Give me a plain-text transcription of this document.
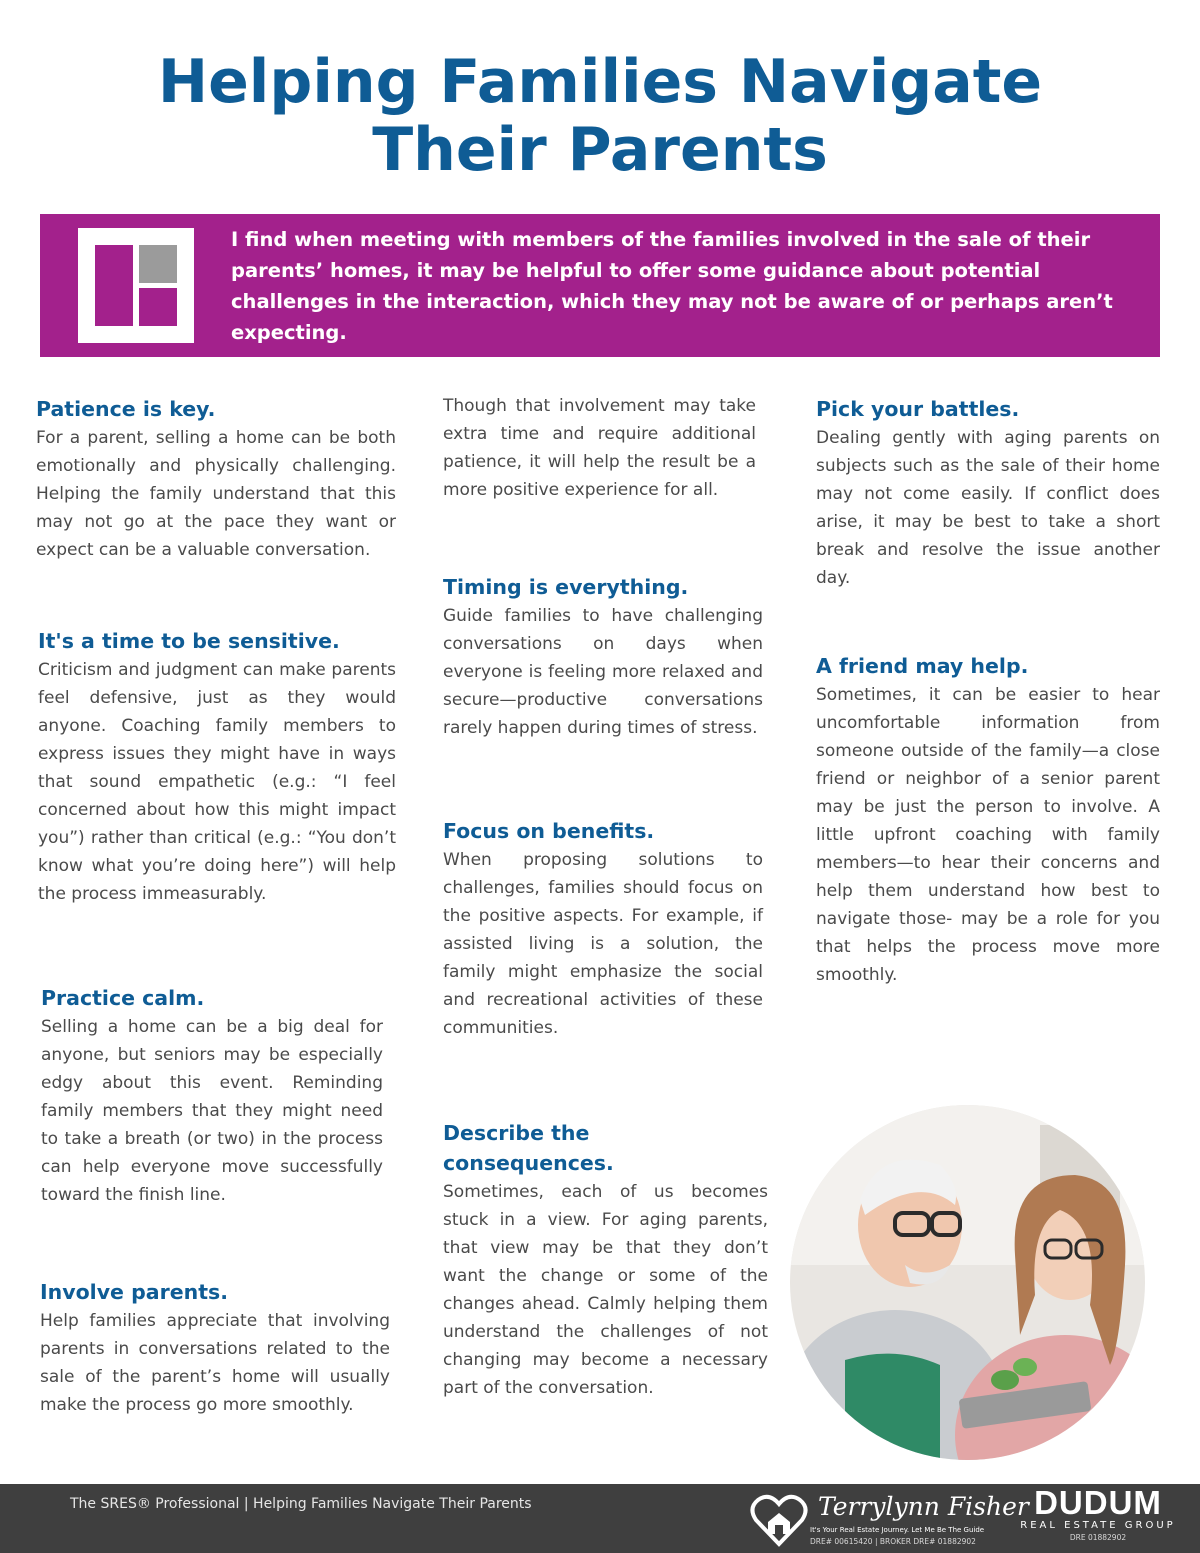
Helping Families Navigate
Their Parents
I find when meeting with members of the families involved in the sale of their parents’ homes, it may be helpful to offer some guidance about potential challenges in the interaction, which they may not be aware of or perhaps aren’t expecting.
Patience is key.

For a parent, selling a home can be both emotionally and physically challenging. Helping the family understand that this may not go at the pace they want or expect can be a valuable conversation.

It's a time to be sensitive.

Criticism and judgment can make parents feel defensive, just as they would anyone. Coaching family members to express issues they might have in ways that sound empathetic (e.g.: “I feel concerned about how this might impact you”) rather than critical (e.g.: “You don’t know what you’re doing here”) will help the process immeasurably.

Practice calm.

Selling a home can be a big deal for anyone, but seniors may be especially edgy about this event. Reminding family members that they might need to take a breath (or two) in the process can help everyone move successfully toward the finish line.

Involve parents.

Help families appreciate that involving parents in conversations related to the sale of the parent’s home will usually make the process go more smoothly.

Though that involvement may take extra time and require additional patience, it will help the result be a more positive experience for all.

Timing is everything.

Guide families to have challenging conversations on days when everyone is feeling more relaxed and secure—productive conversations rarely happen during times of stress.

Focus on benefits.

When proposing solutions to challenges, families should focus on the positive aspects. For example, if assisted living is a solution, the family might emphasize the social and recreational activities of these communities.

Describe the
consequences.

Sometimes, each of us becomes stuck in a view. For aging parents, that view may be that they don’t want the change or some of the changes ahead. Calmly helping them understand the challenges of not changing may become a necessary part of the conversation.

Pick your battles.

Dealing gently with aging parents on subjects such as the sale of their home may not come easily. If conflict does arise, it may be best to take a short break and resolve the issue another day.

A friend may help.

Sometimes, it can be easier to hear uncomfortable information from someone outside of the family—a close friend or neighbor of a senior parent may be just the person to involve. A little upfront coaching with family members—to hear their concerns and help them understand how best to navigate those- may be a role for you that helps the process move more smoothly.

The SRES® Professional | Helping Families Navigate Their Parents	Terrylynn Fisher
It's Your Real Estate Journey. Let Me Be The Guide
DRE# 00615420 | BROKER DRE# 01882902
DUDUM
REAL ESTATE GROUP
DRE 01882902
